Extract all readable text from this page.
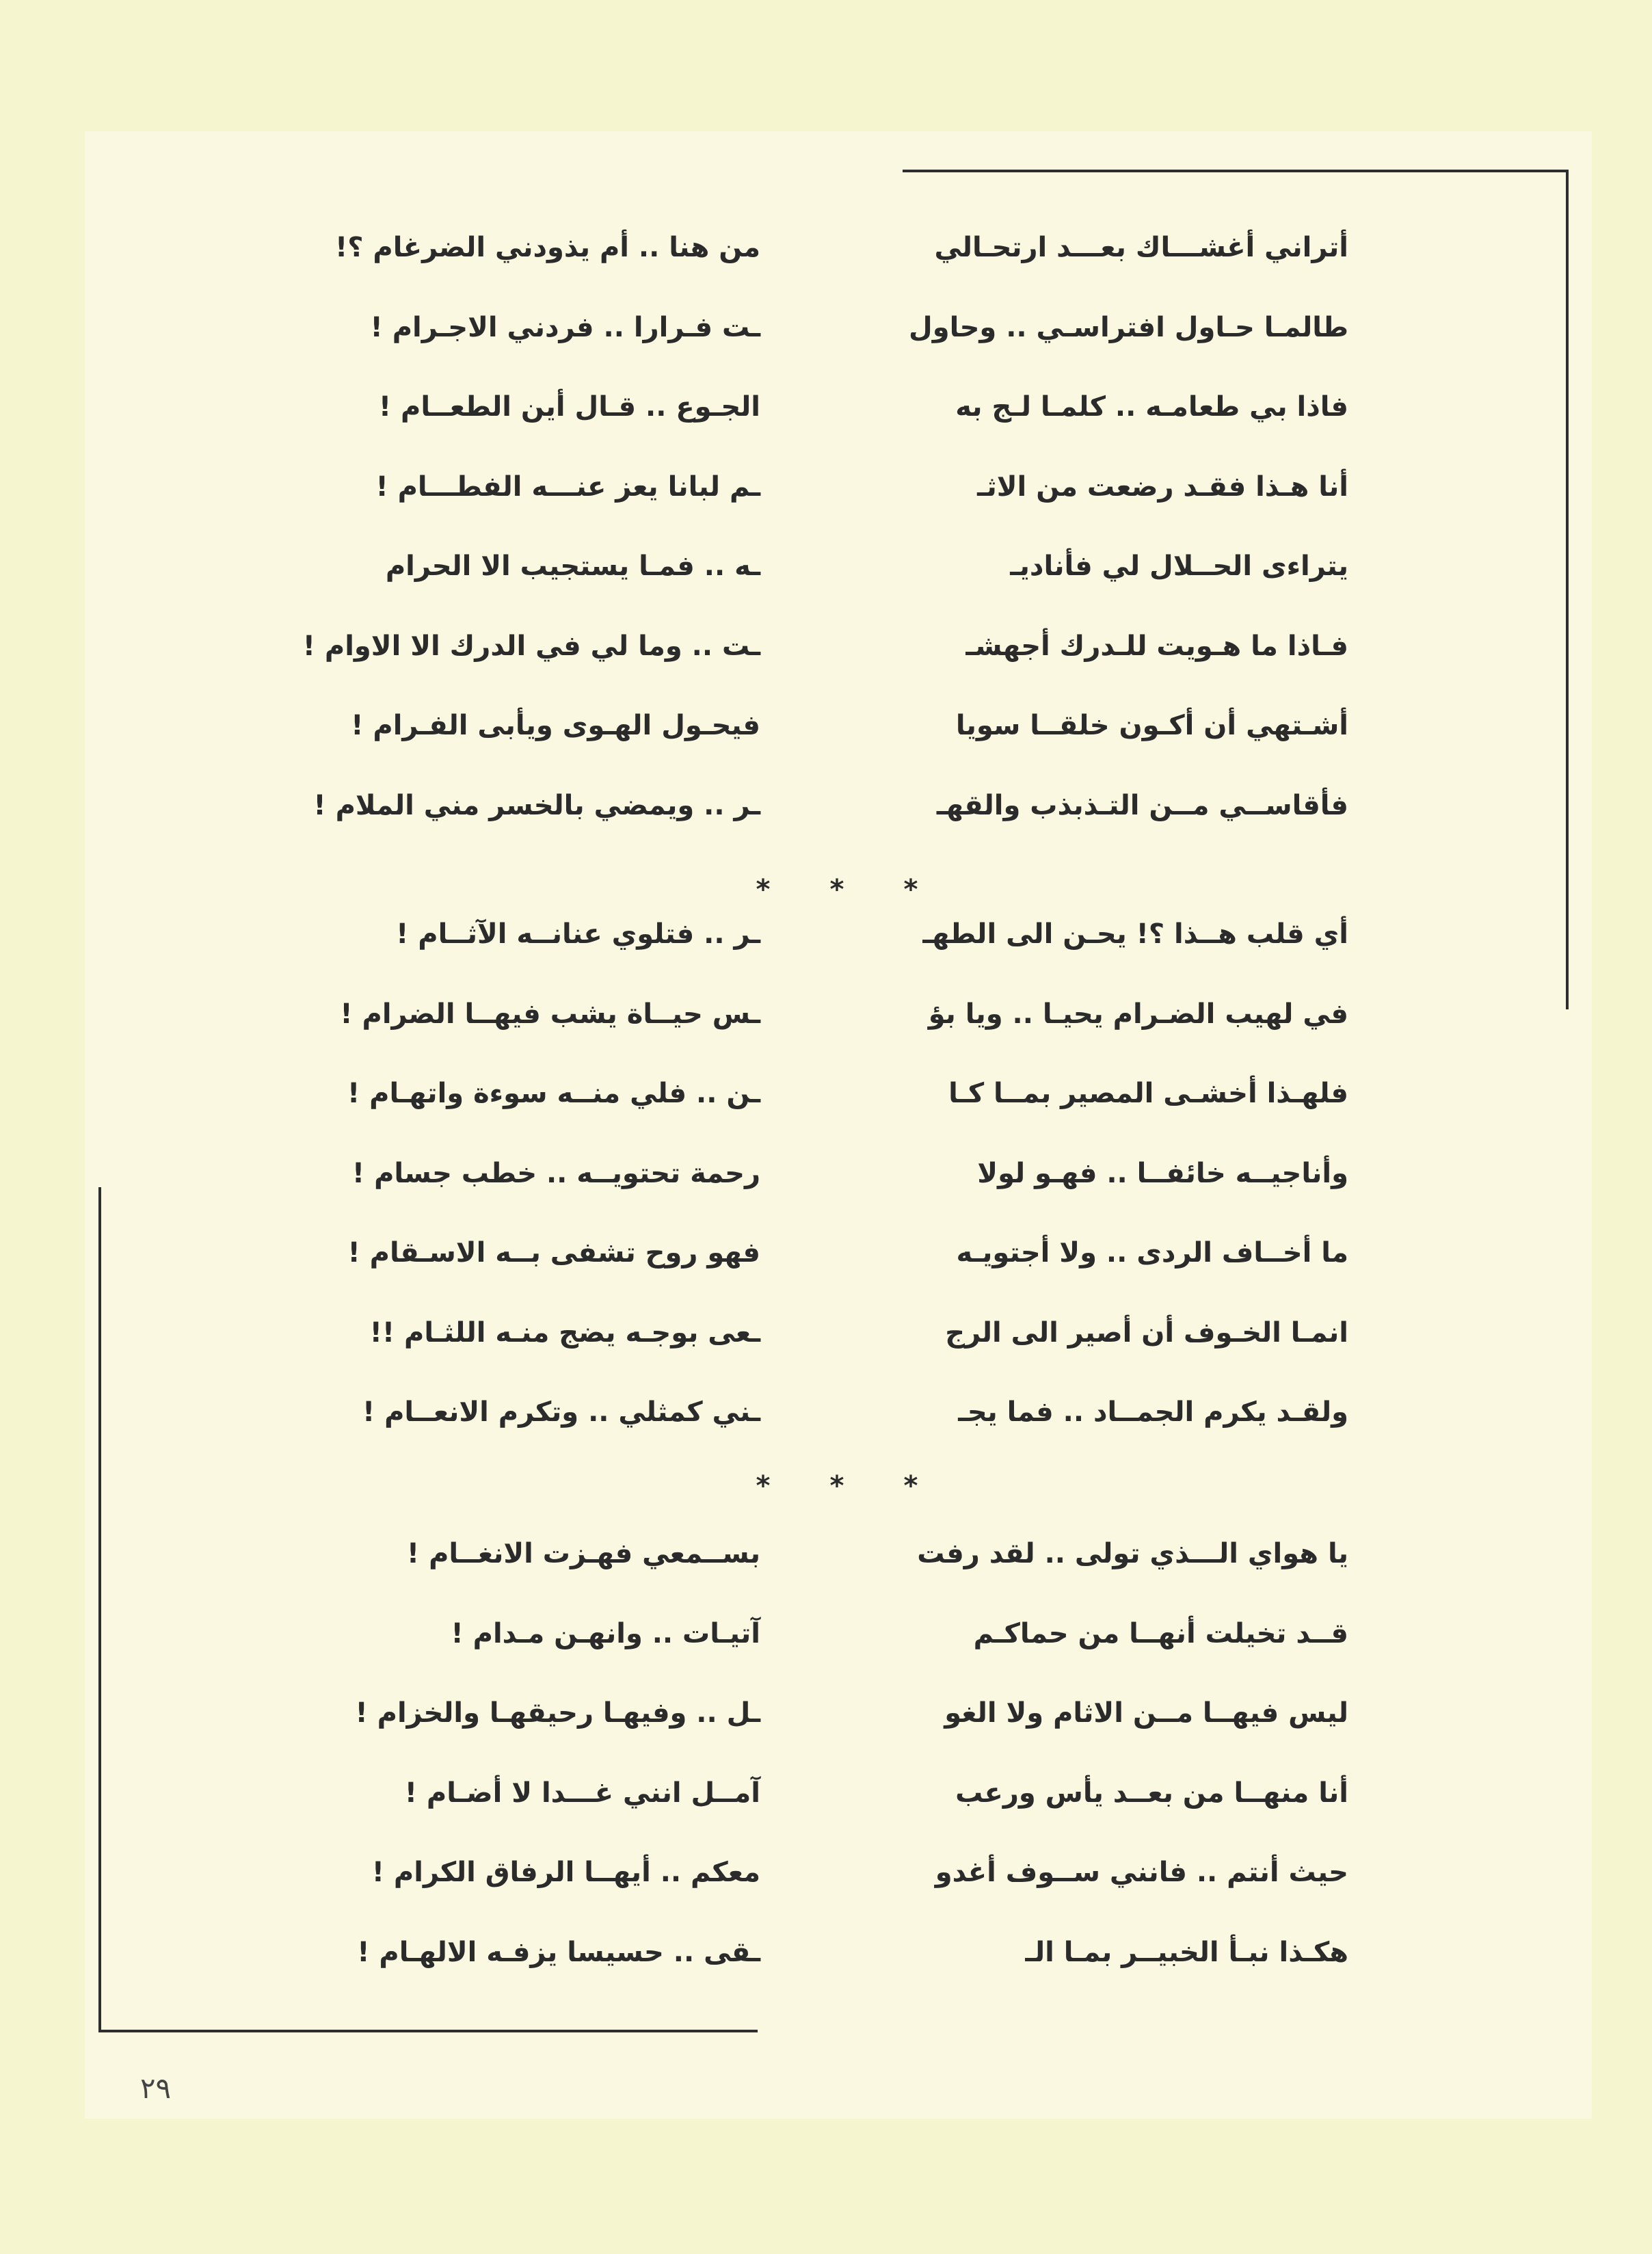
أتراني أغشـــاك بعـــد ارتحـالي
من هنا .. أم يذودني الضرغام ؟!
طالمـا حـاول افتراسـي .. وحاول
ـت فـرارا .. فردني الاجـرام !
فاذا بي طعامـه .. كلمـا لـج به
الجـوع .. قـال أين الطعــام !
أنا هـذا فقـد رضعت من الاثـ
ـم لبانا يعز عنـــه الفطـــام !
يتراءى الحــلال لي فأناديـ
ـه .. فمـا يستجيب الا الحرام
فـاذا ما هـويت للـدرك أجهشـ
ـت .. وما لي في الدرك الا الاوام !
أشـتهي أن أكـون خلقــا سويا
فيحـول الهـوى ويأبى الفـرام !
فأقاســي مــن التـذبذب والقهـ
ـر .. ويمضي بالخسر مني الملام !
أي قلب هــذا ؟! يحـن الى الطهـ
ـر .. فتلوي عنانــه الآثــام !
في لهيب الضـرام يحيـا .. ويا بؤ
ـس حيــاة يشب فيهــا الضرام !
فلهـذا أخشـى المصير بمــا كـا
ـن .. فلي منــه سوءة واتهـام !
وأناجيــه خائفــا .. فهـو لولا
رحمة تحتويــه .. خطب جسام !
ما أخــاف الردى .. ولا أجتويـه
فهو روح تشفى بــه الاسـقام !
انمـا الخـوف أن أصير الى الرج
ـعى بوجـه يضج منـه اللثـام !!
ولقـد يكرم الجمــاد .. فما يجـ
ـني كمثلي .. وتكرم الانعــام !
يا هواي الـــذي تولى .. لقد رفت
بســمعي فهـزت الانغــام !
قــد تخيلت أنهــا من حماكـم
آتيـات .. وانهـن مـدام !
ليس فيهــا مــن الاثام ولا الغو
ـل .. وفيهـا رحيقهـا والخزام !
أنا منهــا من بعــد يأس ورعب
آمــل انني غـــدا لا أضـام !
حيث أنتم .. فانني ســوف أغدو
معكم .. أيهــا الرفاق الكرام !
هكـذا نبـأ الخبيــر بمـا الـ
ـقى .. حسيسا يزفـه الالهـام !
*
*
*
*
*
*
٢٩
